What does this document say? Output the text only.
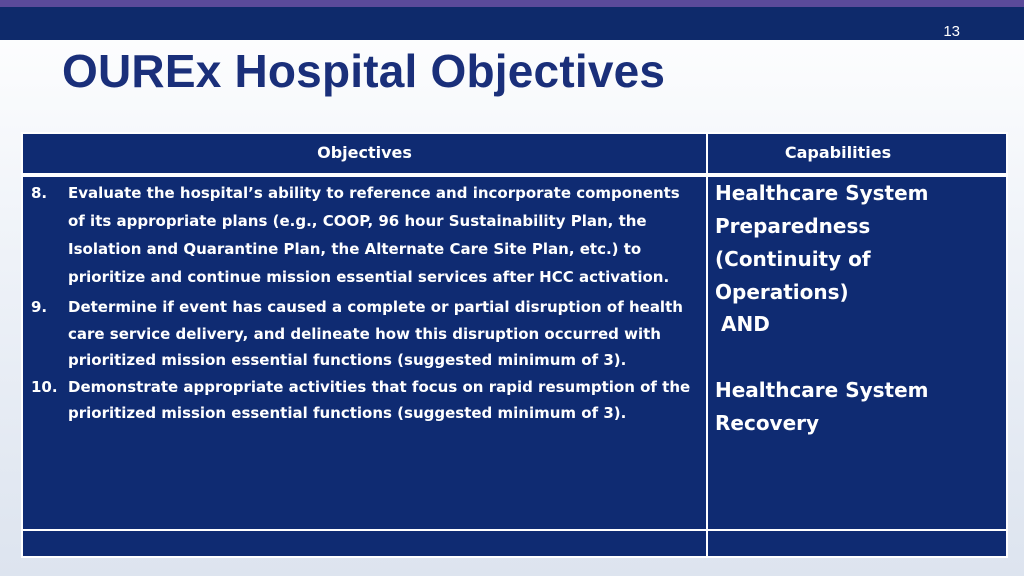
13
OUREx Hospital Objectives
Objectives	Capabilities
8. Evaluate the hospital’s ability to reference and incorporate components of its appropriate plans (e.g., COOP, 96 hour Sustainability Plan, the Isolation and Quarantine Plan, the Alternate Care Site Plan, etc.) to prioritize and continue mission essential services after HCC activation.
9. Determine if event has caused a complete or partial disruption of health care service delivery, and delineate how this disruption occurred with prioritized mission essential functions (suggested minimum of 3).
10. Demonstrate appropriate activities that focus on rapid resumption of the prioritized mission essential functions (suggested minimum of 3).
Healthcare System Preparedness (Continuity of Operations)
AND
Healthcare System Recovery
